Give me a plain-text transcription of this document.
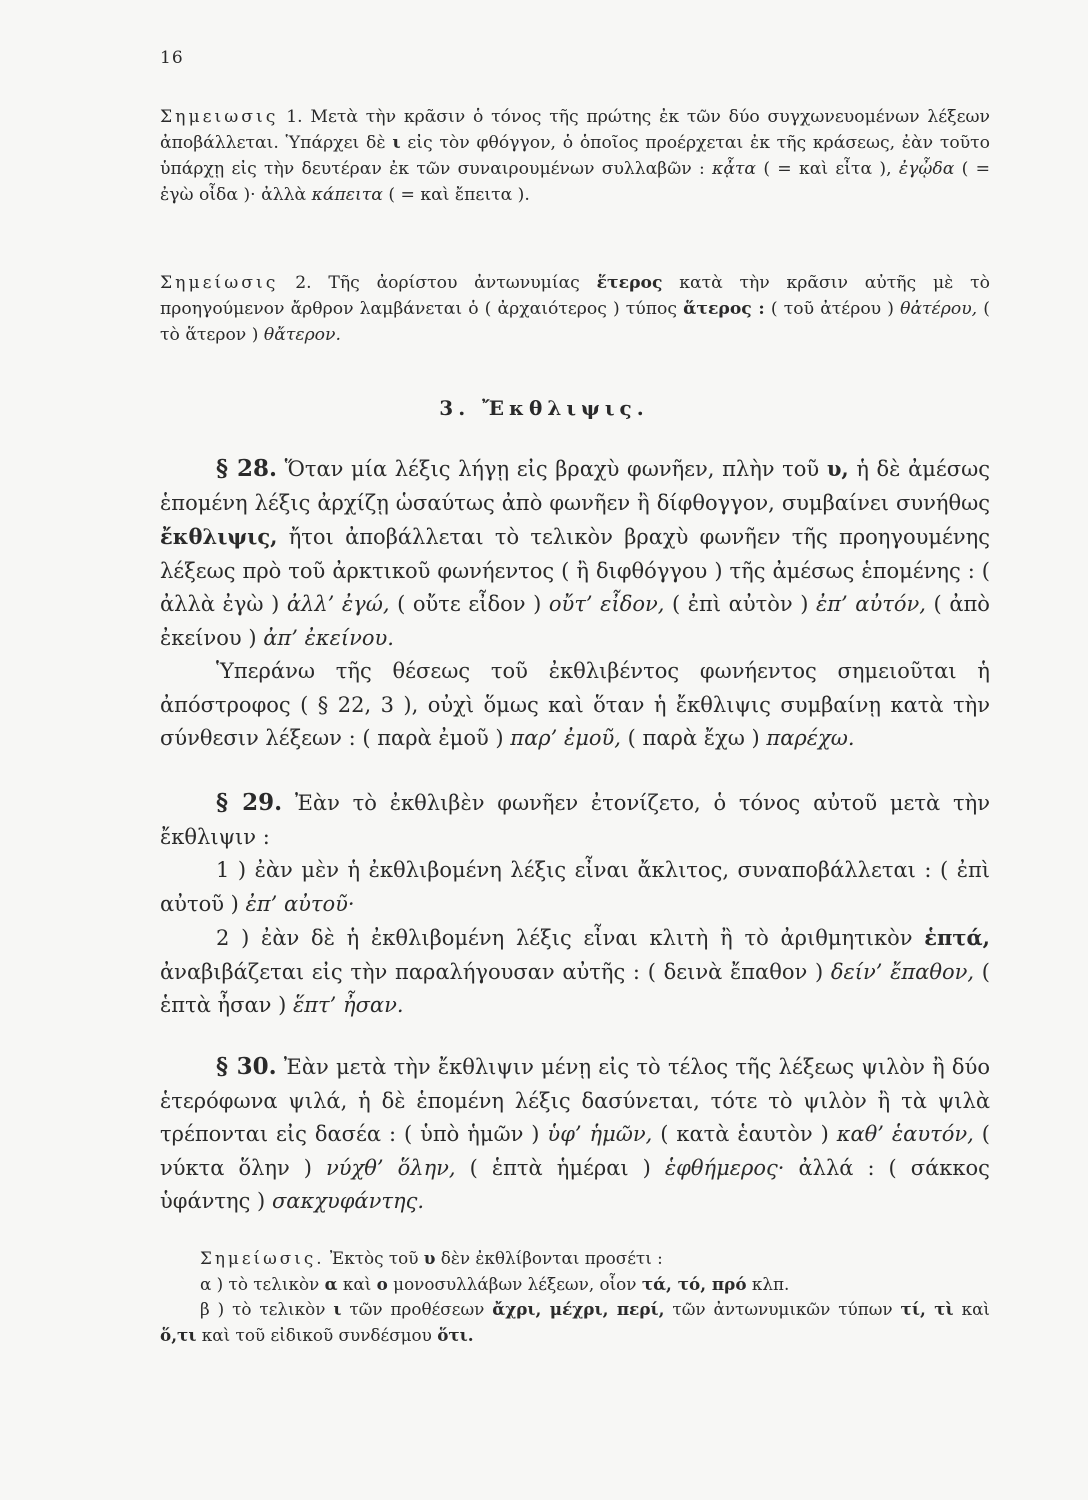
16

Σημειωσις 1. Μετὰ τὴν κρᾶσιν ὁ τόνος τῆς πρώτης ἐκ τῶν δύο συγχωνευομένων λέξεων ἀποβάλλεται. Ὑπάρχει δὲ ι εἰς τὸν φθόγγον, ὁ ὁποῖος προέρχεται ἐκ τῆς κράσεως, ἐὰν τοῦτο ὑπάρχῃ εἰς τὴν δευτέραν ἐκ τῶν συναιρουμένων συλλαβῶν : κᾆτα ( = καὶ εἶτα ), ἐγᾦδα ( = ἐγὼ οἶδα )· ἀλλὰ κάπειτα ( = καὶ ἔπειτα ).

Σημείωσις 2. Τῆς ἀορίστου ἀντωνυμίας ἕτερος κατὰ τὴν κρᾶσιν αὐτῆς μὲ τὸ προηγούμενον ἄρθρον λαμβάνεται ὁ ( ἀρχαιότερος ) τύπος ἅτερος : ( τοῦ ἀτέρου ) θἀτέρου, ( τὸ ἅτερον ) θἄτερον.

3. Ἔκθλιψις.

§ 28. Ὅταν μία λέξις λήγῃ εἰς βραχὺ φωνῆεν, πλὴν τοῦ υ, ἡ δὲ ἀμέσως ἑπομένη λέξις ἀρχίζῃ ὡσαύτως ἀπὸ φωνῆεν ἢ δίφθογγον, συμβαίνει συνήθως ἔκθλιψις, ἤτοι ἀποβάλλεται τὸ τελικὸν βραχὺ φωνῆεν τῆς προηγουμένης λέξεως πρὸ τοῦ ἀρκτικοῦ φωνήεντος ( ἢ διφθόγγου ) τῆς ἀμέσως ἑπομένης : ( ἀλλὰ ἐγὼ ) ἀλλ’ ἐγώ, ( οὔτε εἶδον ) οὔτ’ εἶδον, ( ἐπὶ αὐτὸν ) ἐπ’ αὐτόν, ( ἀπὸ ἐκείνου ) ἀπ’ ἐκείνου.

Ὑπεράνω τῆς θέσεως τοῦ ἐκθλιβέντος φωνήεντος σημειοῦται ἡ ἀπόστροφος ( § 22, 3 ), οὐχὶ ὅμως καὶ ὅταν ἡ ἔκθλιψις συμβαίνῃ κατὰ τὴν σύνθεσιν λέξεων : ( παρὰ ἐμοῦ ) παρ’ ἐμοῦ, ( παρὰ ἔχω ) παρέχω.

§ 29. Ἐὰν τὸ ἐκθλιβὲν φωνῆεν ἐτονίζετο, ὁ τόνος αὐτοῦ μετὰ τὴν ἔκθλιψιν :

1 ) ἐὰν μὲν ἡ ἐκθλιβομένη λέξις εἶναι ἄκλιτος, συναποβάλλεται : ( ἐπὶ αὐτοῦ ) ἐπ’ αὐτοῦ·

2 ) ἐὰν δὲ ἡ ἐκθλιβομένη λέξις εἶναι κλιτὴ ἢ τὸ ἀριθμητικὸν ἑπτά, ἀναβιβάζεται εἰς τὴν παραλήγουσαν αὐτῆς : ( δεινὰ ἔπαθον ) δείν’ ἔπαθον, ( ἑπτὰ ἦσαν ) ἕπτ’ ἦσαν.

§ 30. Ἐὰν μετὰ τὴν ἔκθλιψιν μένῃ εἰς τὸ τέλος τῆς λέξεως ψιλὸν ἢ δύο ἑτερόφωνα ψιλά, ἡ δὲ ἑπομένη λέξις δασύνεται, τότε τὸ ψιλὸν ἢ τὰ ψιλὰ τρέπονται εἰς δασέα : ( ὑπὸ ἡμῶν ) ὑφ’ ἡμῶν, ( κατὰ ἑαυτὸν ) καθ’ ἑαυτόν, ( νύκτα ὅλην ) νύχθ’ ὅλην, ( ἑπτὰ ἡμέραι ) ἑφθήμερος· ἀλλά : ( σάκκος ὑφάντης ) σακχυφάντης.

Σημείωσις. Ἐκτὸς τοῦ υ δὲν ἐκθλίβονται προσέτι :

α ) τὸ τελικὸν α καὶ ο μονοσυλλάβων λέξεων, οἷον τά, τό, πρό κλπ.

β ) τὸ τελικὸν ι τῶν προθέσεων ἄχρι, μέχρι, περί, τῶν ἀντωνυμικῶν τύπων τί, τὶ καὶ ὅ,τι καὶ τοῦ εἰδικοῦ συνδέσμου ὅτι.
